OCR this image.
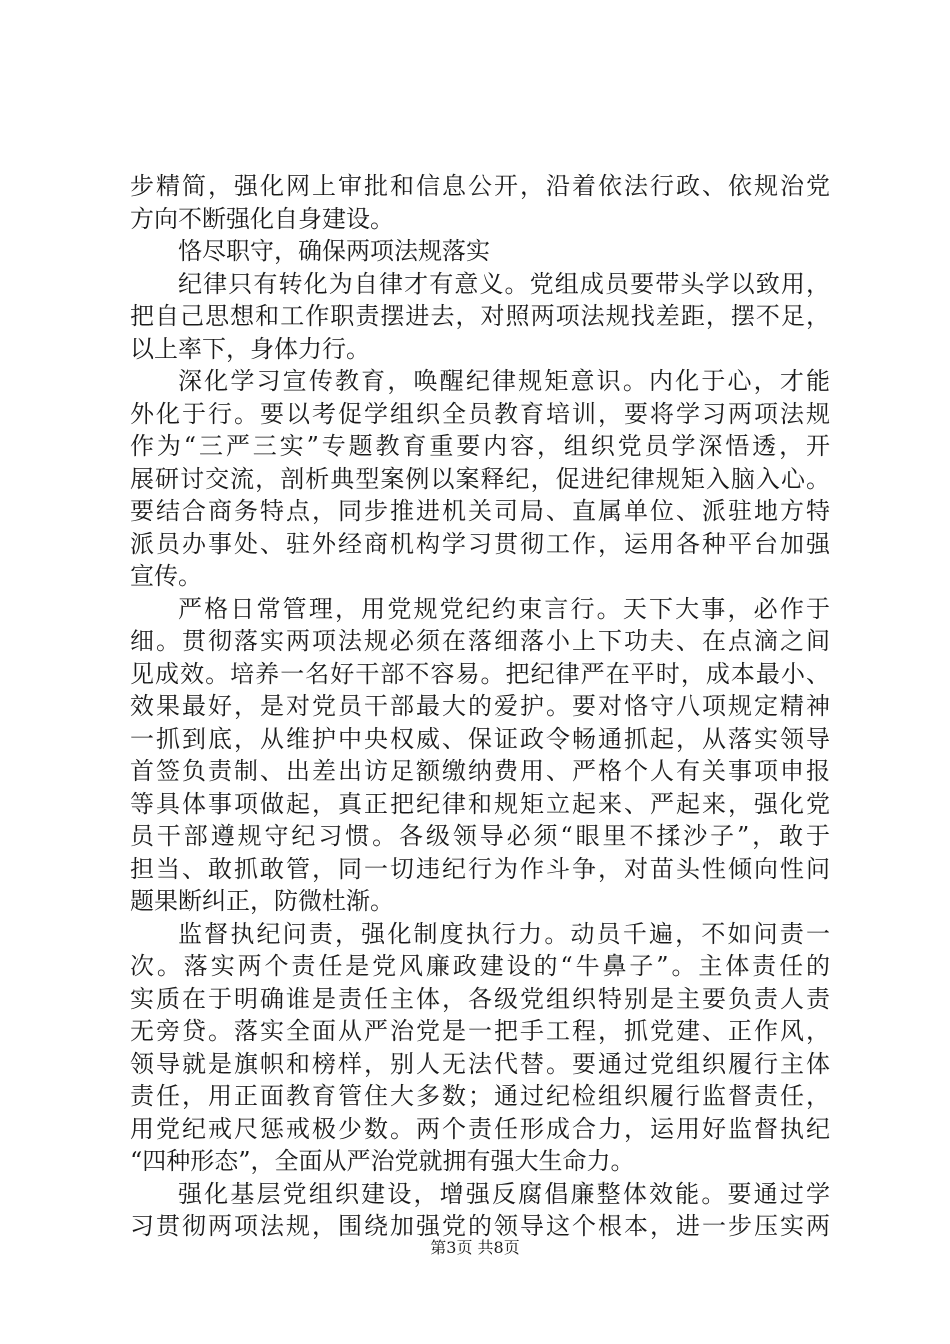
步精简，强化网上审批和信息公开，沿着依法行政、依规治党
方向不断强化自身建设。
恪尽职守，确保两项法规落实
纪律只有转化为自律才有意义。党组成员要带头学以致用，
把自己思想和工作职责摆进去，对照两项法规找差距，摆不足，
以上率下，身体力行。
深化学习宣传教育，唤醒纪律规矩意识。内化于心，才能
外化于行。要以考促学组织全员教育培训，要将学习两项法规
作为“三严三实”专题教育重要内容，组织党员学深悟透，开
展研讨交流，剖析典型案例以案释纪，促进纪律规矩入脑入心。
要结合商务特点，同步推进机关司局、直属单位、派驻地方特
派员办事处、驻外经商机构学习贯彻工作，运用各种平台加强
宣传。
严格日常管理，用党规党纪约束言行。天下大事，必作于
细。贯彻落实两项法规必须在落细落小上下功夫、在点滴之间
见成效。培养一名好干部不容易。把纪律严在平时，成本最小、
效果最好，是对党员干部最大的爱护。要对恪守八项规定精神
一抓到底，从维护中央权威、保证政令畅通抓起，从落实领导
首签负责制、出差出访足额缴纳费用、严格个人有关事项申报
等具体事项做起，真正把纪律和规矩立起来、严起来，强化党
员干部遵规守纪习惯。各级领导必须“眼里不揉沙子”，敢于
担当、敢抓敢管，同一切违纪行为作斗争，对苗头性倾向性问
题果断纠正，防微杜渐。
监督执纪问责，强化制度执行力。动员千遍，不如问责一
次。落实两个责任是党风廉政建设的“牛鼻子”。主体责任的
实质在于明确谁是责任主体，各级党组织特别是主要负责人责
无旁贷。落实全面从严治党是一把手工程，抓党建、正作风，
领导就是旗帜和榜样，别人无法代替。要通过党组织履行主体
责任，用正面教育管住大多数；通过纪检组织履行监督责任，
用党纪戒尺惩戒极少数。两个责任形成合力，运用好监督执纪
“四种形态”，全面从严治党就拥有强大生命力。
强化基层党组织建设，增强反腐倡廉整体效能。要通过学
习贯彻两项法规，围绕加强党的领导这个根本，进一步压实两
第3页 共8页
